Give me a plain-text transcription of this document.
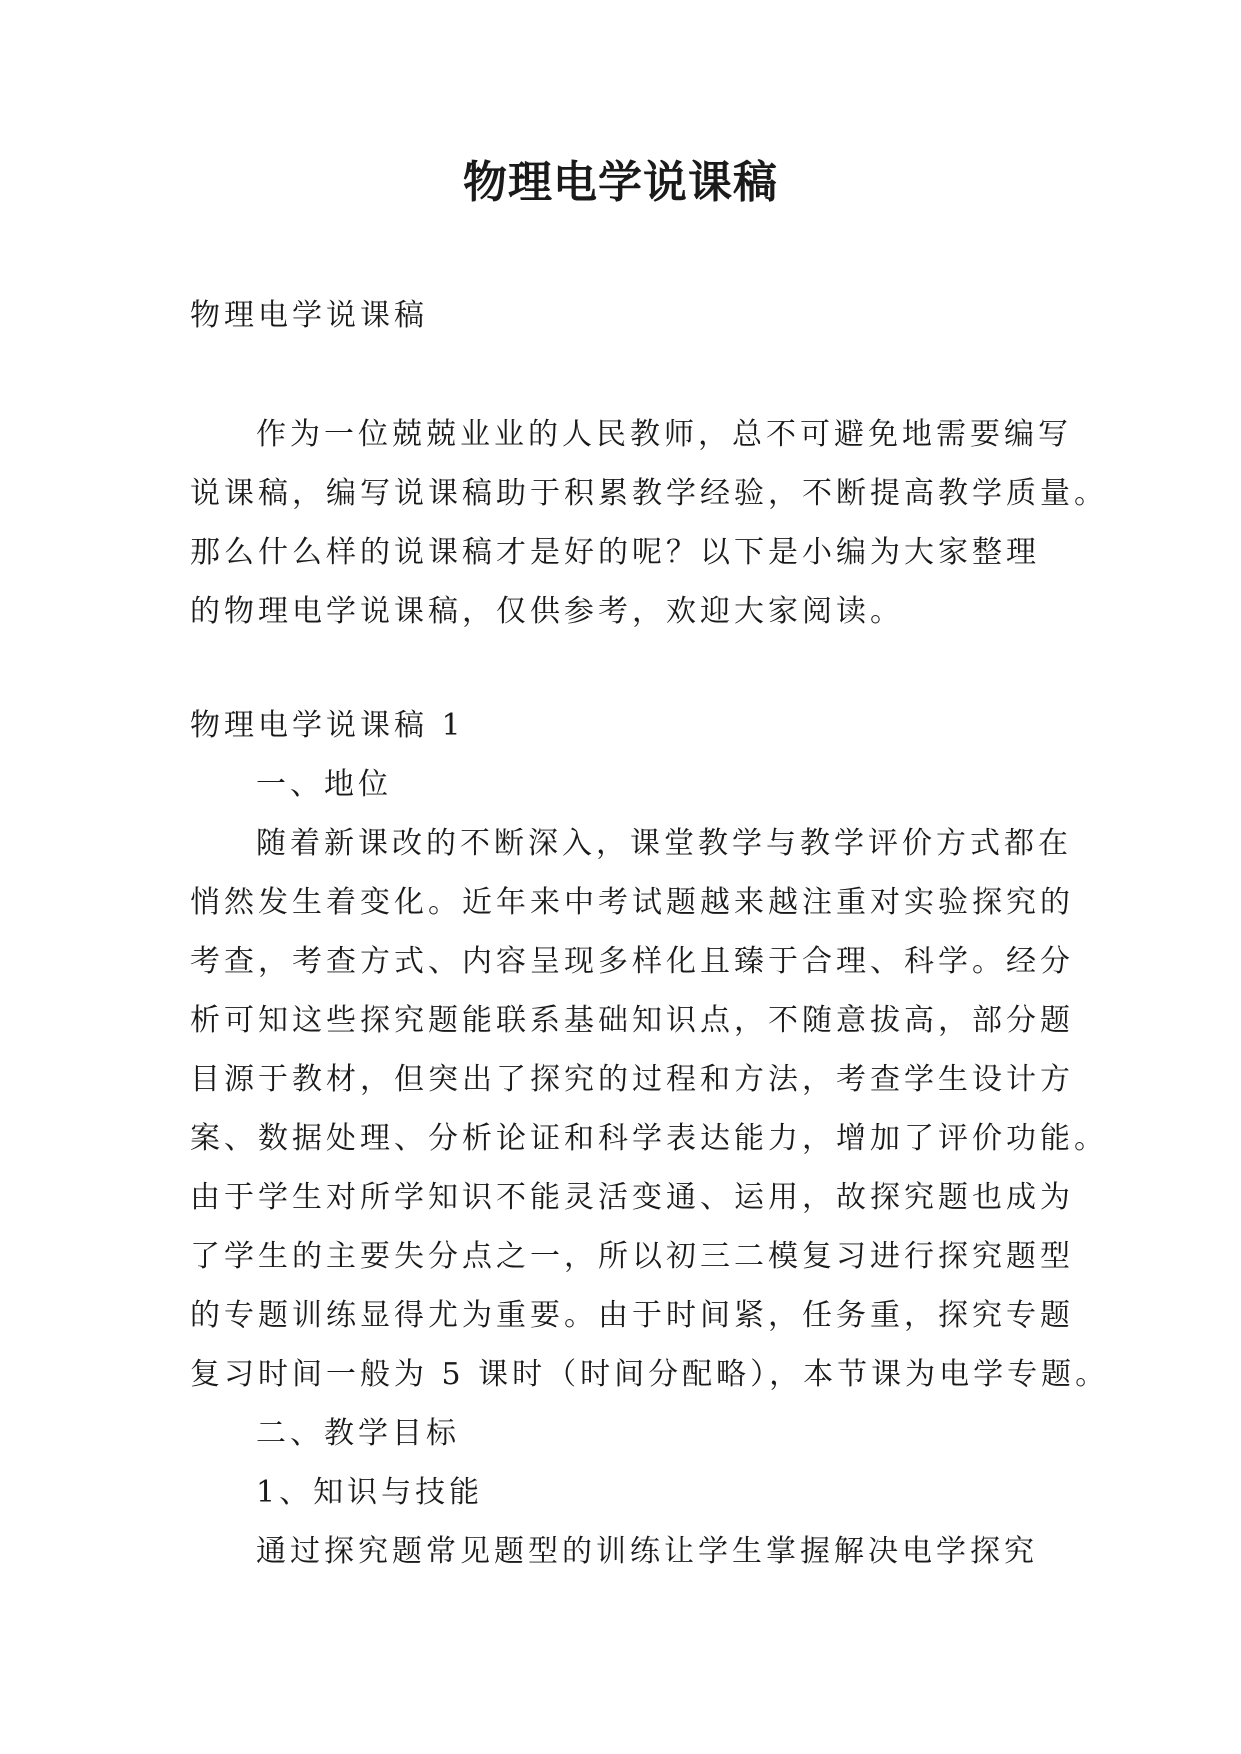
物理电学说课稿
物理电学说课稿
作为一位兢兢业业的人民教师，总不可避免地需要编写
说课稿，编写说课稿助于积累教学经验，不断提高教学质量。
那么什么样的说课稿才是好的呢？以下是小编为大家整理
的物理电学说课稿，仅供参考，欢迎大家阅读。
物理电学说课稿 1
一、地位
随着新课改的不断深入，课堂教学与教学评价方式都在
悄然发生着变化。近年来中考试题越来越注重对实验探究的
考查，考查方式、内容呈现多样化且臻于合理、科学。经分
析可知这些探究题能联系基础知识点，不随意拔高，部分题
目源于教材，但突出了探究的过程和方法，考查学生设计方
案、数据处理、分析论证和科学表达能力，增加了评价功能。
由于学生对所学知识不能灵活变通、运用，故探究题也成为
了学生的主要失分点之一，所以初三二模复习进行探究题型
的专题训练显得尤为重要。由于时间紧，任务重，探究专题
复习时间一般为 5 课时（时间分配略），本节课为电学专题。
二、教学目标
1、知识与技能
通过探究题常见题型的训练让学生掌握解决电学探究
